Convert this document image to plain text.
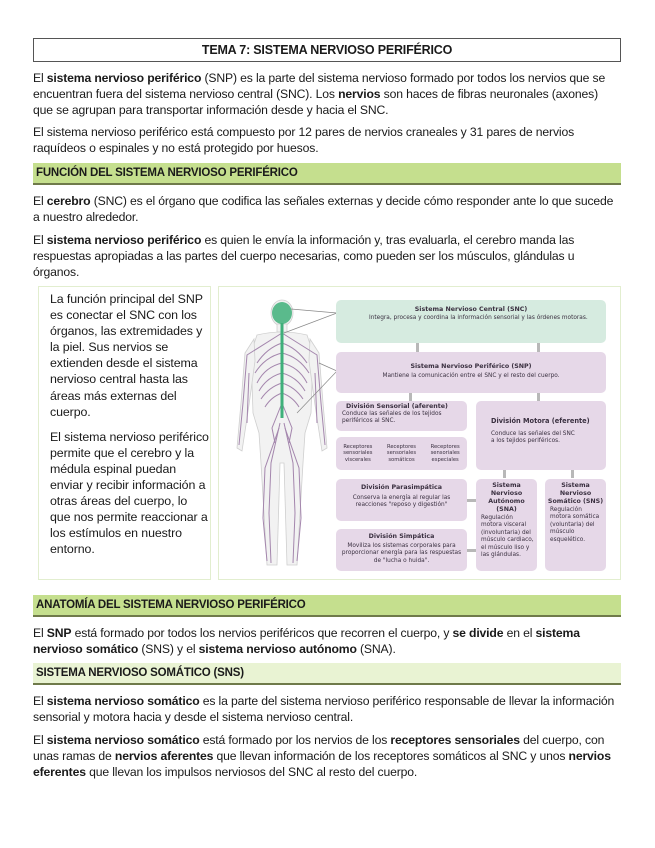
TEMA 7: SISTEMA NERVIOSO PERIFÉRICO

El sistema nervioso periférico (SNP) es la parte del sistema nervioso formado por todos los nervios que se encuentran fuera del sistema nervioso central (SNC). Los nervios son haces de fibras neuronales (axones) que se agrupan para transportar información desde y hacia el SNC.

El sistema nervioso periférico está compuesto por 12 pares de nervios craneales y 31 pares de nervios raquídeos o espinales y no está protegido por huesos.

FUNCIÓN DEL SISTEMA NERVIOSO PERIFÉRICO

El cerebro (SNC) es el órgano que codifica las señales externas y decide cómo responder ante lo que sucede a nuestro alrededor.

El sistema nervioso periférico es quien le envía la información y, tras evaluarla, el cerebro manda las respuestas apropiadas a las partes del cuerpo necesarias, como pueden ser los músculos, glándulas u órganos.

La función principal del SNP es conectar el SNC con los órganos, las extremidades y la piel. Sus nervios se extienden desde el sistema nervioso central hasta las áreas más externas del cuerpo.

El sistema nervioso periférico permite que el cerebro y la médula espinal puedan enviar y recibir información a otras áreas del cuerpo, lo que nos permite reaccionar a los estímulos en nuestro entorno.

Sistema Nervioso Central (SNC)
Integra, procesa y coordina la información sensorial y las órdenes motoras.
Sistema Nervioso Periférico (SNP)
Mantiene la comunicación entre el SNC y el resto del cuerpo.
División Sensorial (aferente)
Conduce las señales de los tejidos periféricos al SNC.
Receptores sensoriales viscerales
Receptores sensoriales somáticos
Receptores sensoriales especiales
División Motora (eferente)
Conduce las señales del SNC a los tejidos periféricos.
División Parasimpática
Conserva la energía al regular las reacciones "reposo y digestión"
División Simpática
Moviliza los sistemas corporales para proporcionar energía para las respuestas de "lucha o huida".
Sistema Nervioso Autónomo (SNA)
Regulación motora visceral (involuntaria) del músculo cardiaco, el músculo liso y las glándulas.
Sistema Nervioso Somático (SNS)
Regulación motora somática (voluntaria) del músculo esquelético.
ANATOMÍA DEL SISTEMA NERVIOSO PERIFÉRICO

El SNP está formado por todos los nervios periféricos que recorren el cuerpo, y se divide en el sistema nervioso somático (SNS) y el sistema nervioso autónomo (SNA).

SISTEMA NERVIOSO SOMÁTICO (SNS)

El sistema nervioso somático es la parte del sistema nervioso periférico responsable de llevar la información sensorial y motora hacia y desde el sistema nervioso central.

El sistema nervioso somático está formado por los nervios de los receptores sensoriales del cuerpo, con unas ramas de nervios aferentes que llevan información de los receptores somáticos al SNC y unos nervios eferentes que llevan los impulsos nerviosos del SNC al resto del cuerpo.
